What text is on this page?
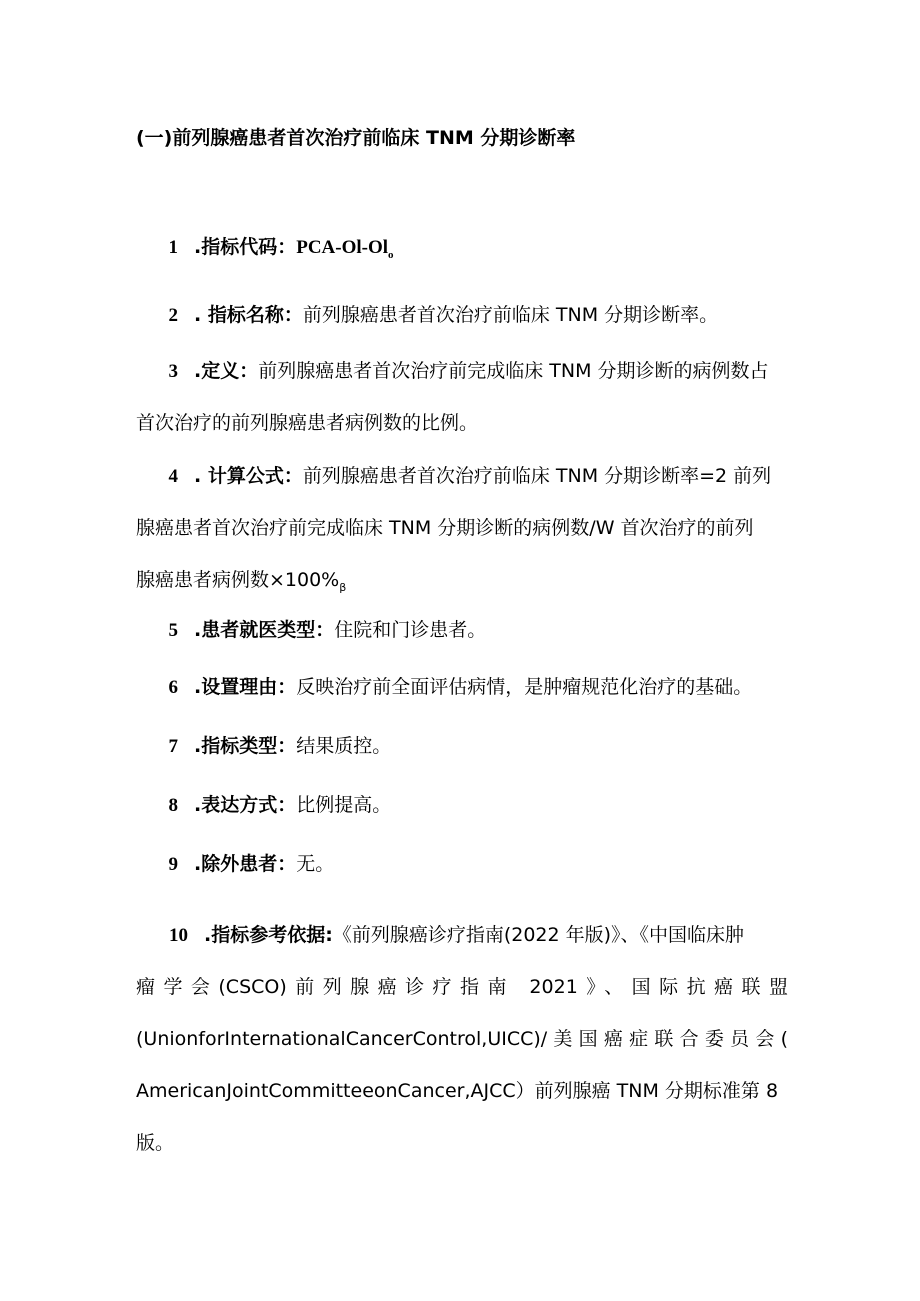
(一)前列腺癌患者首次治疗前临床 TNM 分期诊断率
1 .指标代码：PCA-$Ol-Ol_o$
2 . 指标名称：前列腺癌患者首次治疗前临床 TNM 分期诊断率。
3 .定义：前列腺癌患者首次治疗前完成临床 TNM 分期诊断的病例数占
首次治疗的前列腺癌患者病例数的比例。
4 . 计算公式：前列腺癌患者首次治疗前临床 TNM 分期诊断率=2 前列
腺癌患者首次治疗前完成临床 TNM 分期诊断的病例数/W 首次治疗的前列
腺癌患者病例数$\times 100\%_\beta$
5 .患者就医类型：住院和门诊患者。
6 .设置理由：反映治疗前全面评估病情，是肿瘤规范化治疗的基础。
7 .指标类型：结果质控。
8 .表达方式：比例提高。
9 .除外患者：无。
10 .指标参考依据:《前列腺癌诊疗指南(2022 年版)》、《中国临床肿
瘤学会(CSCO)前列腺癌诊疗指南 2021》、国际抗癌联盟
(UnionforInternationalCancerControl,UICC)/美国癌症联合委员会(
AmericanJointCommitteeonCancer,AJCC）前列腺癌 TNM 分期标准第 8
版。
